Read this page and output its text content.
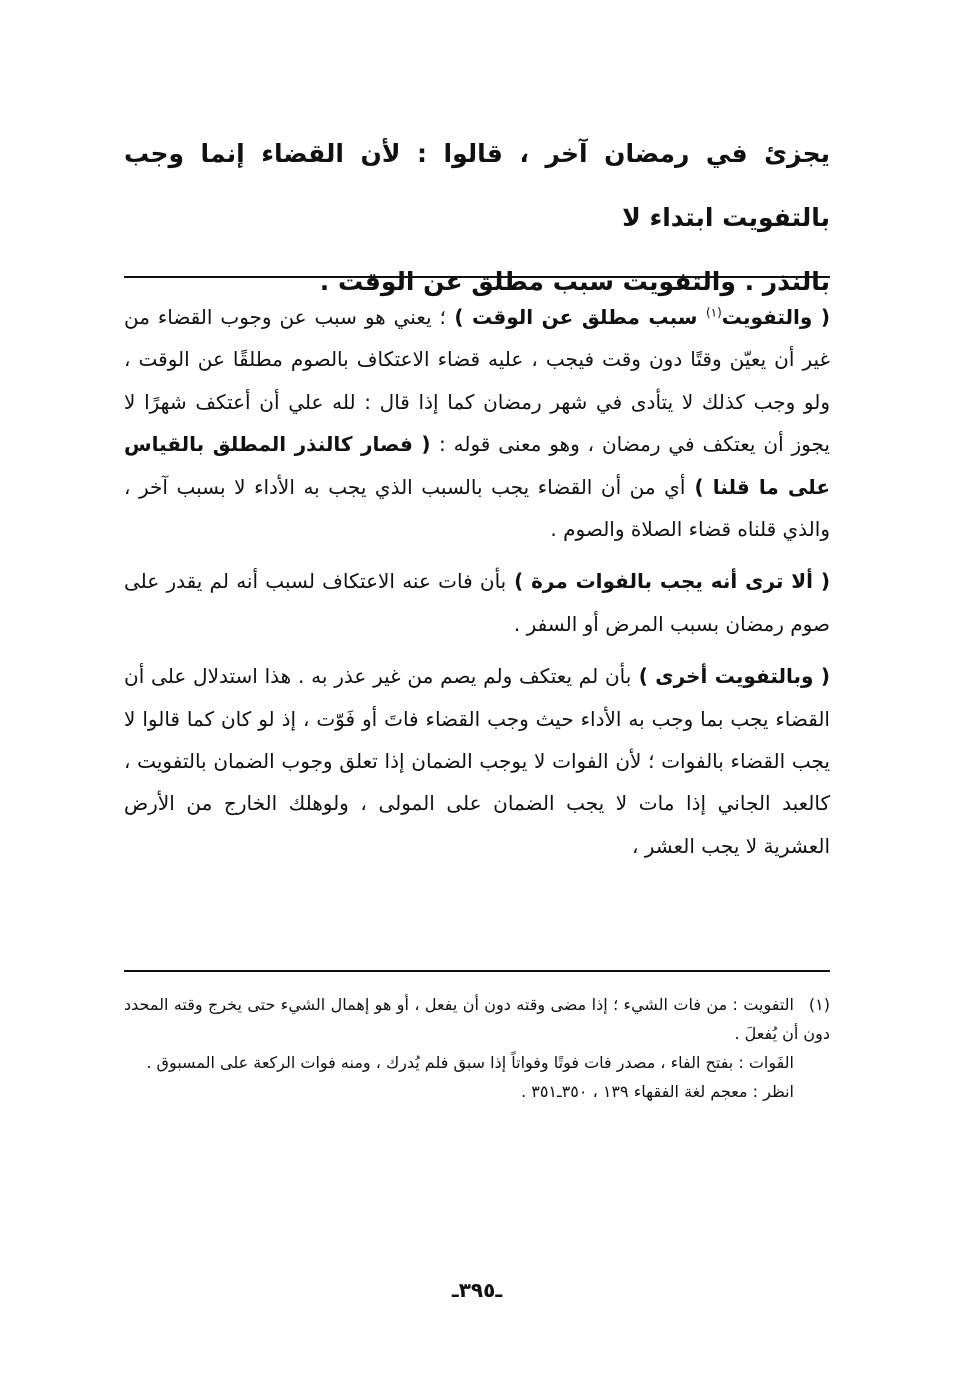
يجزئ في رمضان آخر ، قالوا : لأن القضاء إنما وجب بالتفويت ابتداء لا

بالنذر . والتفويت سبب مطلق عن الوقت .

( والتفويت$^{(١)}$ سبب مطلق عن الوقت ) ؛ يعني هو سبب عن وجوب القضاء من غير أن يعيّن وقتًا دون وقت فيجب ، عليه قضاء الاعتكاف بالصوم مطلقًا عن الوقت ، ولو وجب كذلك لا يتأدى في شهر رمضان كما إذا قال : لله علي أن أعتكف شهرًا لا يجوز أن يعتكف في رمضان ، وهو معنى قوله : ( فصار كالنذر المطلق بالقياس على ما قلنا ) أي من أن القضاء يجب بالسبب الذي يجب به الأداء لا بسبب آخر ، والذي قلناه قضاء الصلاة والصوم .

( ألا ترى أنه يجب بالفوات مرة ) بأن فات عنه الاعتكاف لسبب أنه لم يقدر على صوم رمضان بسبب المرض أو السفر .

( وبالتفويت أخرى ) بأن لم يعتكف ولم يصم من غير عذر به . هذا استدلال على أن القضاء يجب بما وجب به الأداء حيث وجب القضاء فاتَ أو فَوّت ، إذ لو كان كما قالوا لا يجب القضاء بالفوات ؛ لأن الفوات لا يوجب الضمان إذا تعلق وجوب الضمان بالتفويت ، كالعبد الجاني إذا مات لا يجب الضمان على المولى ، ولوهلك الخارج من الأرض العشرية لا يجب العشر ،

(١)التفويت : من فات الشيء ؛ إذا مضى وقته دون أن يفعل ، أو هو إهمال الشيء حتى يخرج وقته المحدد دون أن يُفعلَ .

الفَوات : بفتح الفاء ، مصدر فات فوتًا وفواتاً إذا سبق فلم يُدرك ، ومنه فوات الركعة على المسبوق .

انظر : معجم لغة الفقهاء ١٣٩ ، ٣٥٠ـ٣٥١ .

ـ٣٩٥ـ
